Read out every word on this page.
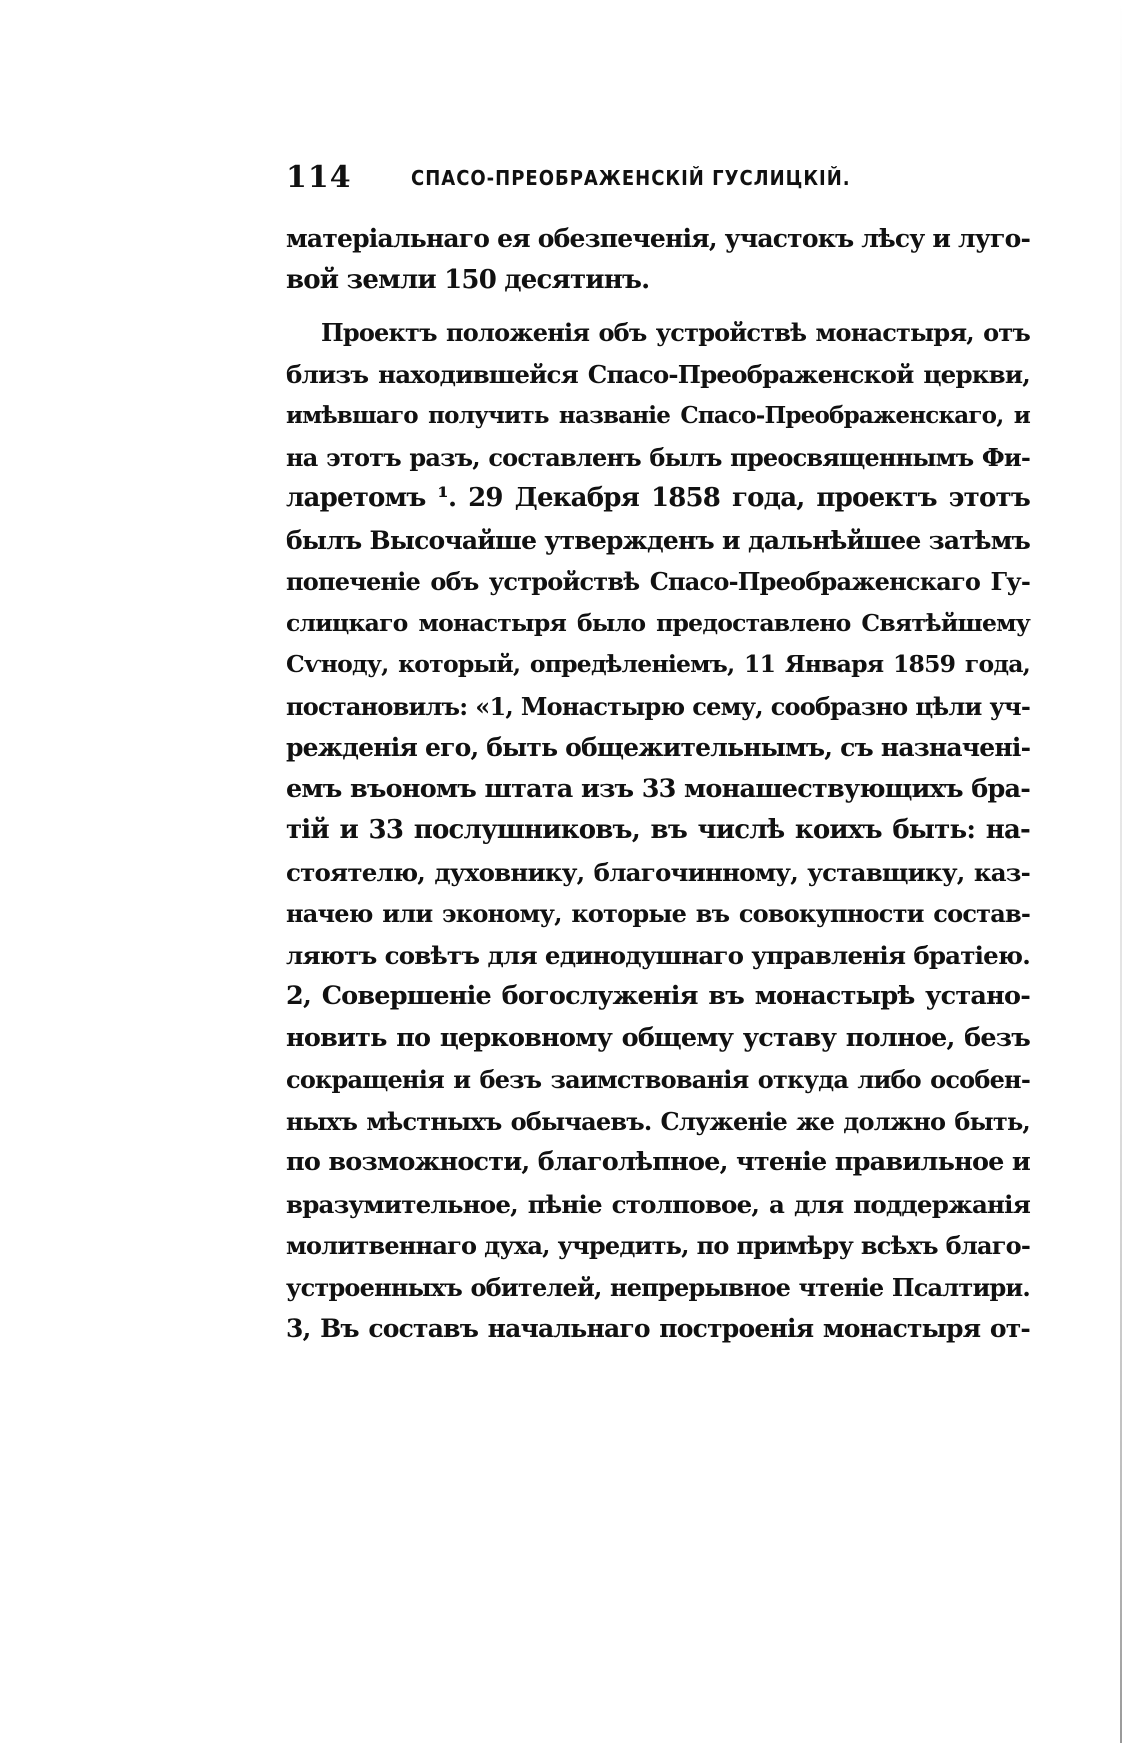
114	СПАСО-ПРЕОБРАЖЕНСКІЙ ГУСЛИЦКІЙ.
матеріальнаго ея обезпеченія, участокъ лѣсу и луго-
вой земли 150 десятинъ.
Проектъ положенія объ устройствѣ монастыря, отъ
близъ находившейся Спасо-Преображенской церкви,
имѣвшаго получить названіе Спасо-Преображенскаго, и
на этотъ разъ, составленъ былъ преосвященнымъ Фи-
ларетомъ ¹. 29 Декабря 1858 года, проектъ этотъ
былъ Высочайше утвержденъ и дальнѣйшее затѣмъ
попеченіе объ устройствѣ Спасо-Преображенскаго Гу-
слицкаго монастыря было предоставлено Святѣйшему
Сѵноду, который, опредѣленіемъ, 11 Января 1859 года,
постановилъ: «1, Монастырю сему, сообразно цѣли уч-
режденія его, быть общежительнымъ, съ назначені-
емъ въономъ штата изъ 33 монашествующихъ бра-
тій и 33 послушниковъ, въ числѣ коихъ быть: на-
стоятелю, духовнику, благочинному, уставщику, каз-
начею или эконому, которые въ совокупности состав-
ляютъ совѣтъ для единодушнаго управленія братіею.
2, Совершеніе богослуженія въ монастырѣ устано-
новить по церковному общему уставу полное, безъ
сокращенія и безъ заимствованія откуда либо особен-
ныхъ мѣстныхъ обычаевъ. Служеніе же должно быть,
по возможности, благолѣпное, чтеніе правильное и
вразумительное, пѣніе столповое, а для поддержанія
молитвеннаго духа, учредить, по примѣру всѣхъ благо-
устроенныхъ обителей, непрерывное чтеніе Псалтири.
3, Въ составъ начальнаго построенія монастыря от-
